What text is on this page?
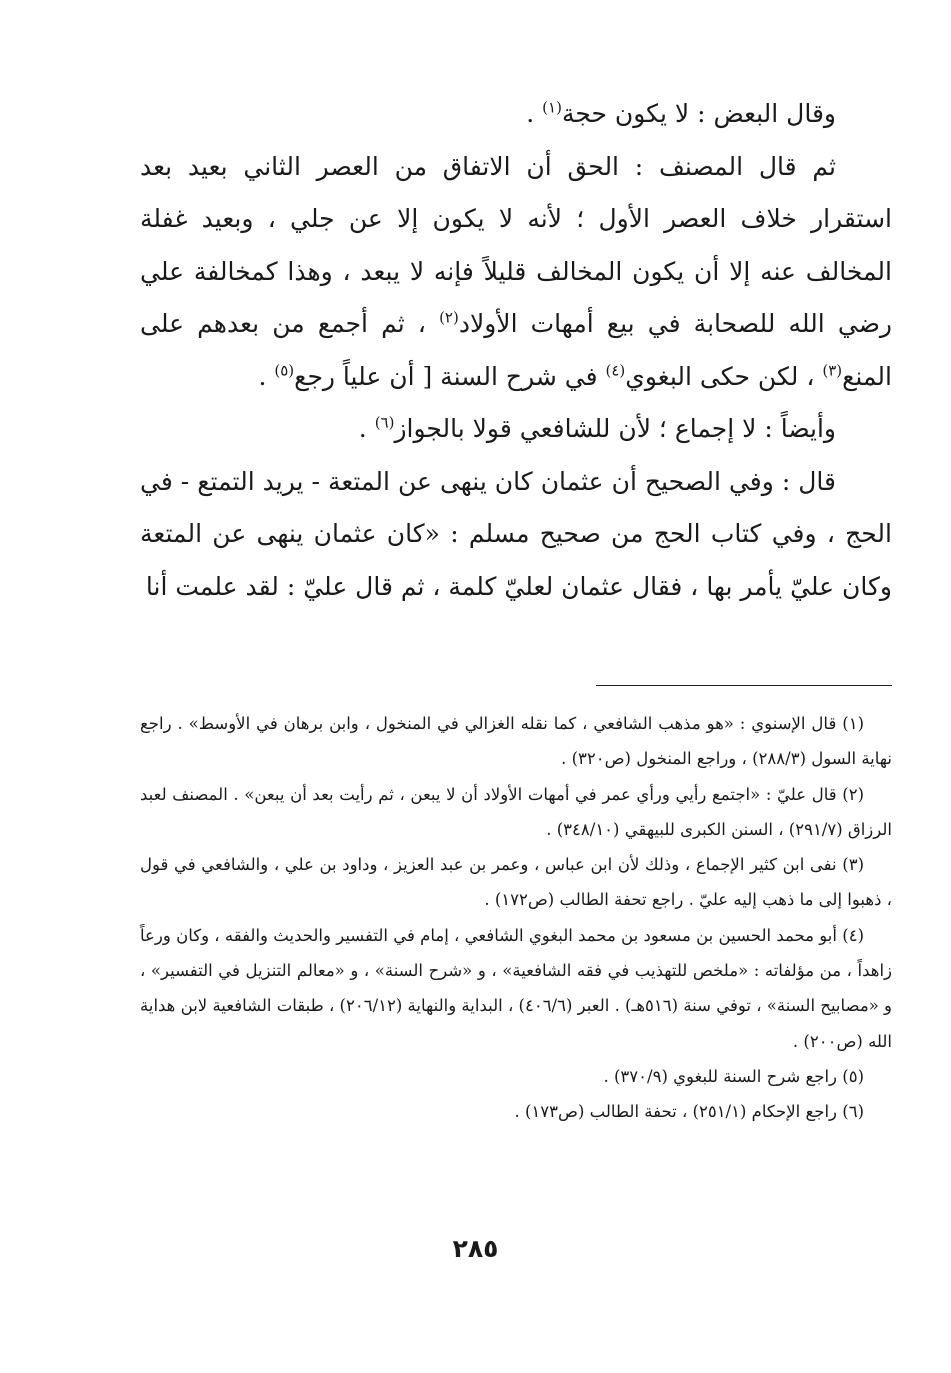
وقال البعض : لا يكون حجة$^{(١)}$ .

ثم قال المصنف : الحق أن الاتفاق من العصر الثاني بعيد بعد استقرار خلاف العصر الأول ؛ لأنه لا يكون إلا عن جلي ، وبعيد غفلة المخالف عنه إلا أن يكون المخالف قليلاً فإنه لا يبعد ، وهذا كمخالفة علي رضي الله للصحابة في بيع أمهات الأولاد$^{(٢)}$ ، ثم أجمع من بعدهم على المنع$^{(٣)}$ ، لكن حكى البغوي$^{(٤)}$ في شرح السنة [ أن علياً رجع$^{(٥)}$ .

وأيضاً : لا إجماع ؛ لأن للشافعي قولا بالجواز$^{(٦)}$ .

قال : وفي الصحيح أن عثمان كان ينهى عن المتعة - يريد التمتع - في الحج ، وفي كتاب الحج من صحيح مسلم : «كان عثمان ينهى عن المتعة وكان عليّ يأمر بها ، فقال عثمان لعليّ كلمة ، ثم قال عليّ : لقد علمت أنا

(١) قال الإسنوي : «هو مذهب الشافعي ، كما نقله الغزالي في المنخول ، وابن برهان في الأوسط» . راجع نهاية السول (٢٨٨/٣) ، وراجع المنخول (ص٣٢٠) .

(٢) قال عليّ : «اجتمع رأيي ورأي عمر في أمهات الأولاد أن لا يبعن ، ثم رأيت بعد أن يبعن» . المصنف لعبد الرزاق (٢٩١/٧) ، السنن الكبرى للبيهقي (٣٤٨/١٠) .

(٣) نفى ابن كثير الإجماع ، وذلك لأن ابن عباس ، وعمر بن عبد العزيز ، وداود بن علي ، والشافعي في قول ، ذهبوا إلى ما ذهب إليه عليّ . راجع تحفة الطالب (ص١٧٢) .

(٤) أبو محمد الحسين بن مسعود بن محمد البغوي الشافعي ، إمام في التفسير والحديث والفقه ، وكان ورعاً زاهداً ، من مؤلفاته : «ملخص للتهذيب في فقه الشافعية» ، و «شرح السنة» ، و «معالم التنزيل في التفسير» ، و «مصابيح السنة» ، توفي سنة (٥١٦هـ) . العبر (٤٠٦/٦) ، البداية والنهاية (٢٠٦/١٢) ، طبقات الشافعية لابن هداية الله (ص٢٠٠) .

(٥) راجع شرح السنة للبغوي (٣٧٠/٩) .

(٦) راجع الإحكام (٢٥١/١) ، تحفة الطالب (ص١٧٣) .

٢٨٥
